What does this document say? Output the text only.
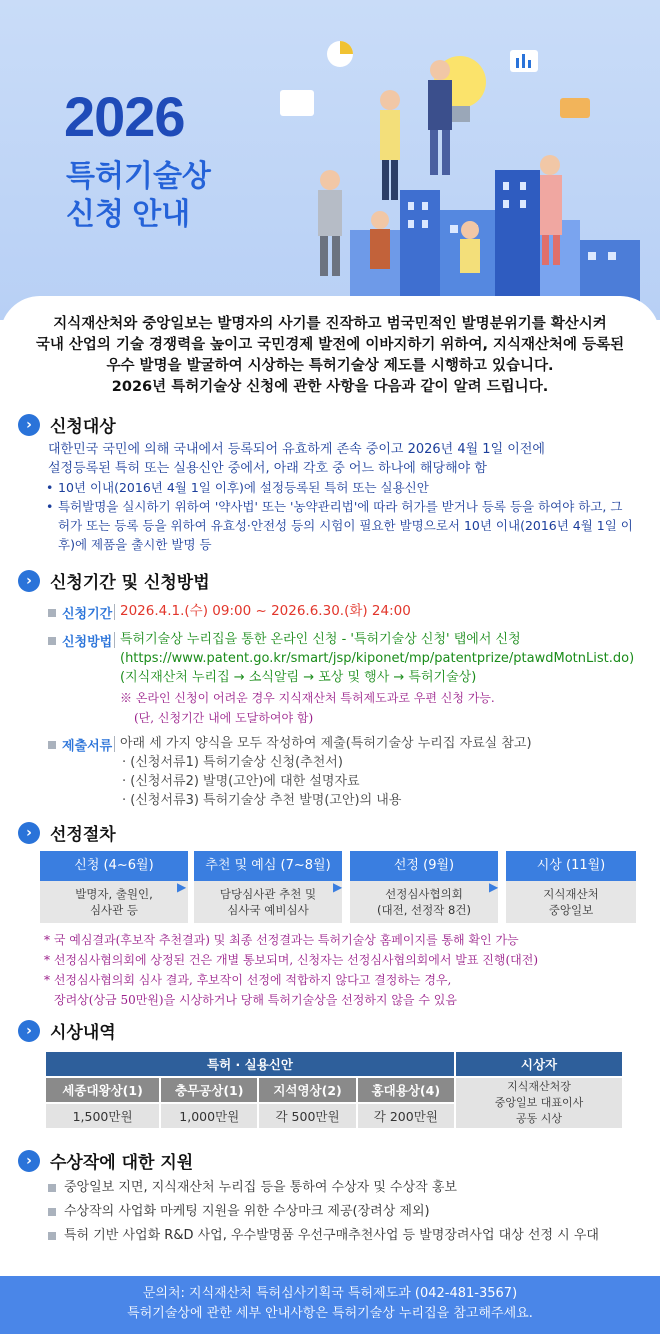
2026
특허기술상
신청 안내
지식재산처와 중앙일보는 발명자의 사기를 진작하고 범국민적인 발명분위기를 확산시켜
국내 산업의 기술 경쟁력을 높이고 국민경제 발전에 이바지하기 위하여, 지식재산처에 등록된
우수 발명을 발굴하여 시상하는 특허기술상 제도를 시행하고 있습니다.
2026년 특허기술상 신청에 관한 사항을 다음과 같이 알려 드립니다.
›	신청대상
대한민국 국민에 의해 국내에서 등록되어 유효하게 존속 중이고 2026년 4월 1일 이전에
설정등록된 특허 또는 실용신안 중에서, 아래 각호 중 어느 하나에 해당해야 함
• 10년 이내(2016년 4월 1일 이후)에 설정등록된 특허 또는 실용신안
• 특허발명을 실시하기 위하여 '약사법' 또는 '농약관리법'에 따라 허가를 받거나 등록 등을 하여야 하고, 그 허가 또는 등록 등을 위하여 유효성·안전성 등의 시험이 필요한 발명으로서 10년 이내(2016년 4월 1일 이후)에 제품을 출시한 발명 등
›	신청기간 및 신청방법
신청기간 2026.4.1.(수) 09:00 ~ 2026.6.30.(화) 24:00
신청방법 특허기술상 누리집을 통한 온라인 신청 - '특허기술상 신청' 탭에서 신청
(https://www.patent.go.kr/smart/jsp/kiponet/mp/patentprize/ptawdMotnList.do)
(지식재산처 누리집 → 소식알림 → 포상 및 행사 → 특허기술상)
※ 온라인 신청이 어려운 경우 지식재산처 특허제도과로 우편 신청 가능.
(단, 신청기간 내에 도달하여야 함)
제출서류 아래 세 가지 양식을 모두 작성하여 제출(특허기술상 누리집 자료실 참고)
· (신청서류1) 특허기술상 신청(추천서)
· (신청서류2) 발명(고안)에 대한 설명자료
· (신청서류3) 특허기술상 추천 발명(고안)의 내용
›	선정절차
신청 (4~6월)
발명자, 출원인,
심사관 등
▶
추천 및 예심 (7~8월)
담당심사관 추천 및
심사국 예비심사
▶
선정 (9월)
선정심사협의회
(대전, 선정작 8건)
▶
시상 (11월)
지식재산처
중앙일보
* 국 예심결과(후보작 추천결과) 및 최종 선정결과는 특허기술상 홈페이지를 통해 확인 가능
* 선정심사협의회에 상정된 건은 개별 통보되며, 신청자는 선정심사협의회에서 발표 진행(대전)
* 선정심사협의회 심사 결과, 후보작이 선정에 적합하지 않다고 결정하는 경우,
장려상(상금 50만원)을 시상하거나 당해 특허기술상을 선정하지 않을 수 있음
›	시상내역
특허 · 실용신안				시상자
세종대왕상(1)	충무공상(1)	지석영상(2)	홍대용상(4)	지식재산처장
중앙일보 대표이사
공동 시상

1,500만원	1,000만원	각 500만원	각 200만원	
›	수상작에 대한 지원
중앙일보 지면, 지식재산처 누리집 등을 통하여 수상자 및 수상작 홍보
수상작의 사업화 마케팅 지원을 위한 수상마크 제공(장려상 제외)
특허 기반 사업화 R&D 사업, 우수발명품 우선구매추천사업 등 발명장려사업 대상 선정 시 우대
문의처: 지식재산처 특허심사기획국 특허제도과 (042-481-3567)
특허기술상에 관한 세부 안내사항은 특허기술상 누리집을 참고해주세요.
